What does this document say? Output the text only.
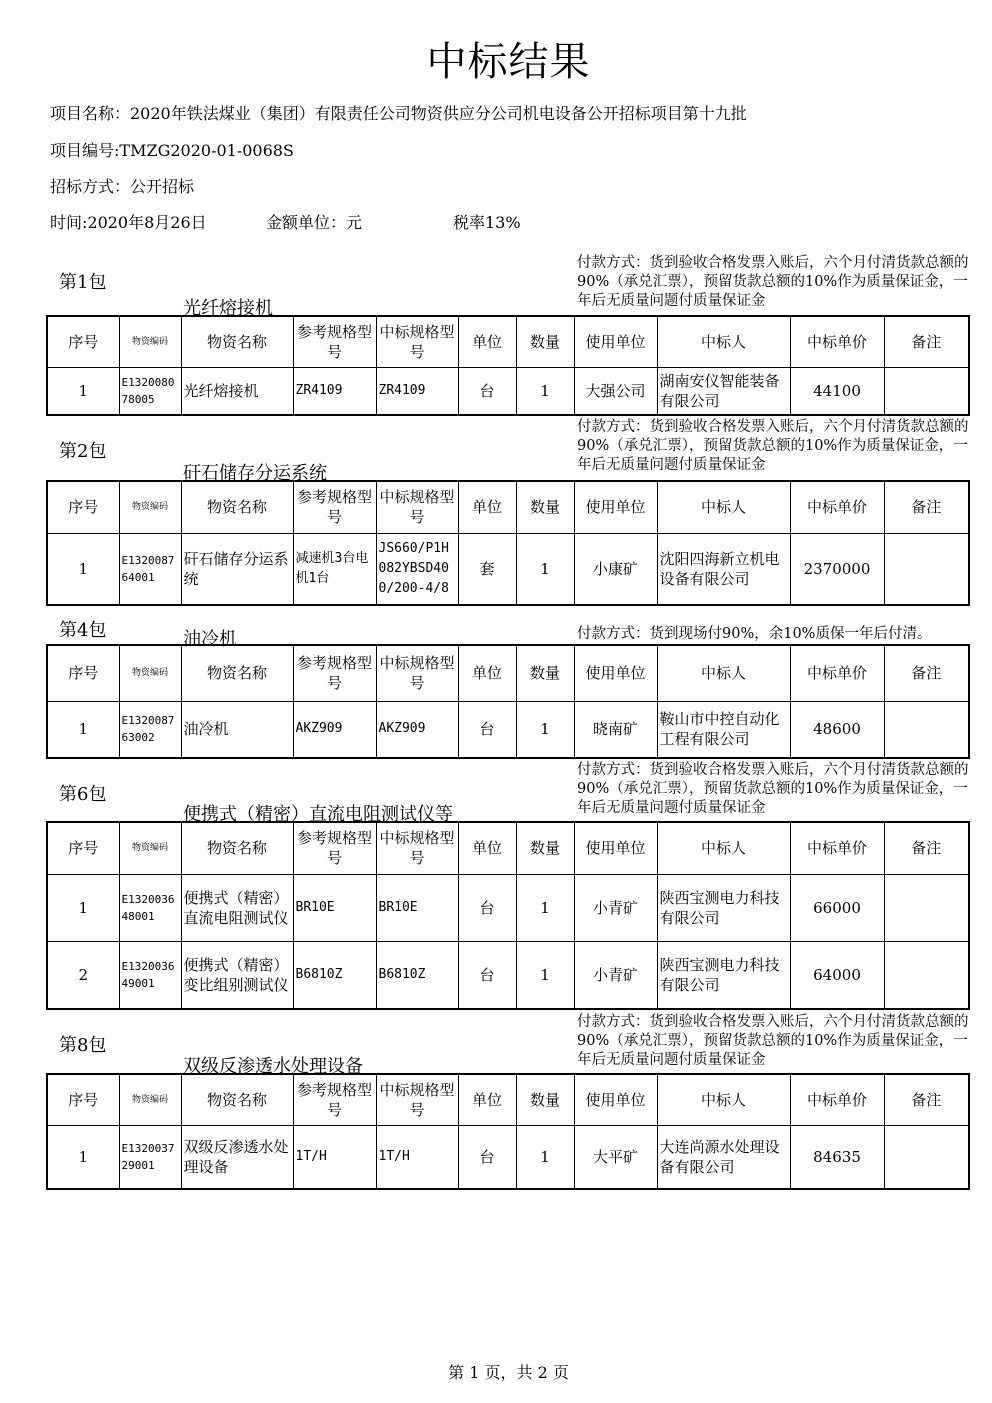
中标结果
项目名称：2020年铁法煤业（集团）有限责任公司物资供应分公司机电设备公开招标项目第十九批
项目编号:TMZG2020-01-0068S
招标方式：公开招标
时间:2020年8月26日	金额单位：元	税率13%
第1包
光纤熔接机
付款方式：货到验收合格发票入账后，六个月付清货款总额的90%（承兑汇票），预留货款总额的10%作为质量保证金，一年后无质量问题付质量保证金
序号	物资编码	物资名称	参考规格型号	中标规格型号	单位	数量	使用单位	中标人	中标单价	备注
1	E132008078005	光纤熔接机	ZR4109	ZR4109	台	1	大强公司	湖南安仪智能装备有限公司	44100	
第2包
矸石储存分运系统
付款方式：货到验收合格发票入账后，六个月付清货款总额的90%（承兑汇票），预留货款总额的10%作为质量保证金，一年后无质量问题付质量保证金
序号	物资编码	物资名称	参考规格型号	中标规格型号	单位	数量	使用单位	中标人	中标单价	备注
1	E132008764001	矸石储存分运系统	减速机3台电机1台	JS660/P1H082YBSD400/200-4/8	套	1	小康矿	沈阳四海新立机电设备有限公司	2370000	
第4包	油冷机	付款方式：货到现场付90%，余10%质保一年后付清。
序号	物资编码	物资名称	参考规格型号	中标规格型号	单位	数量	使用单位	中标人	中标单价	备注
1	E132008763002	油冷机	AKZ909	AKZ909	台	1	晓南矿	鞍山市中控自动化工程有限公司	48600	
第6包
便携式（精密）直流电阻测试仪等
付款方式：货到验收合格发票入账后，六个月付清货款总额的90%（承兑汇票），预留货款总额的10%作为质量保证金，一年后无质量问题付质量保证金
序号	物资编码	物资名称	参考规格型号	中标规格型号	单位	数量	使用单位	中标人	中标单价	备注
1	E132003648001	便携式（精密）直流电阻测试仪	BR10E	BR10E	台	1	小青矿	陕西宝测电力科技有限公司	66000	
2	E132003649001	便携式（精密）变比组别测试仪	B6810Z	B6810Z	台	1	小青矿	陕西宝测电力科技有限公司	64000	
第8包
双级反渗透水处理设备
付款方式：货到验收合格发票入账后，六个月付清货款总额的90%（承兑汇票），预留货款总额的10%作为质量保证金，一年后无质量问题付质量保证金
序号	物资编码	物资名称	参考规格型号	中标规格型号	单位	数量	使用单位	中标人	中标单价	备注
1	E132003729001	双级反渗透水处理设备	1T/H	1T/H	台	1	大平矿	大连尚源水处理设备有限公司	84635	
第 1 页，共 2 页
